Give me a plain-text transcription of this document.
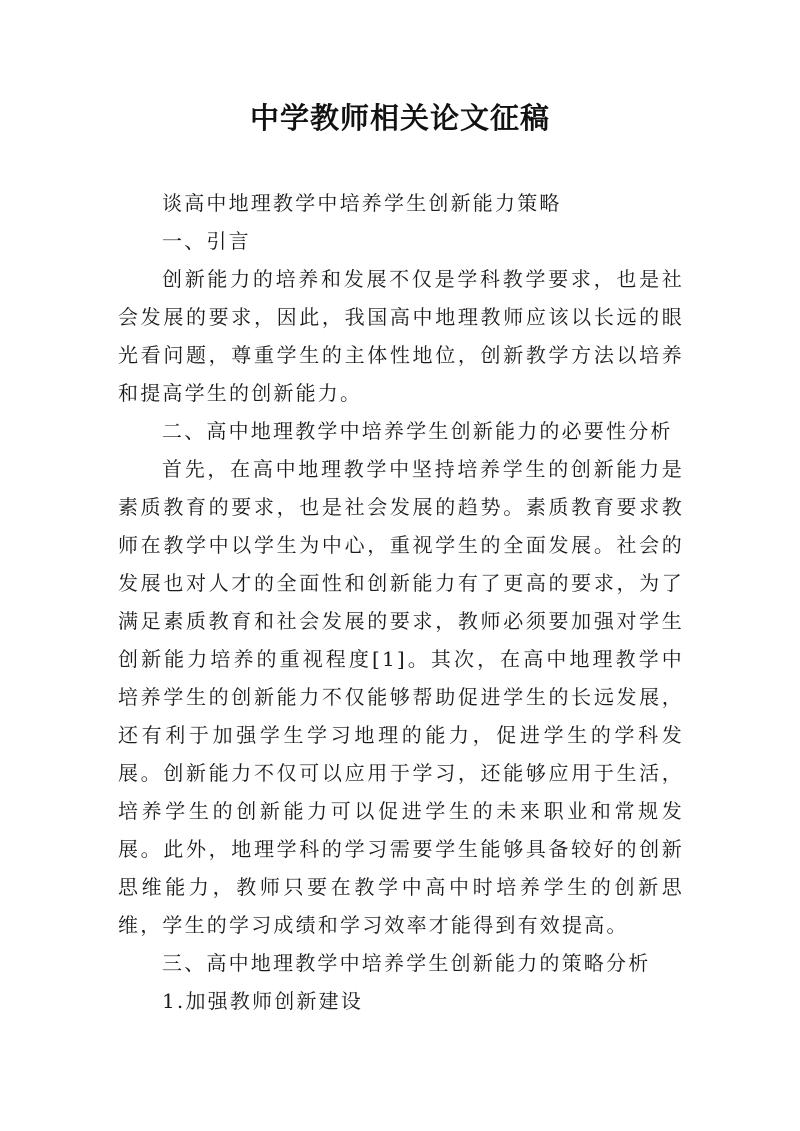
中学教师相关论文征稿

谈高中地理教学中培养学生创新能力策略

一、引言

创新能力的培养和发展不仅是学科教学要求，也是社会发展的要求，因此，我国高中地理教师应该以长远的眼光看问题，尊重学生的主体性地位，创新教学方法以培养和提高学生的创新能力。

二、高中地理教学中培养学生创新能力的必要性分析

首先，在高中地理教学中坚持培养学生的创新能力是素质教育的要求，也是社会发展的趋势。素质教育要求教师在教学中以学生为中心，重视学生的全面发展。社会的发展也对人才的全面性和创新能力有了更高的要求，为了满足素质教育和社会发展的要求，教师必须要加强对学生创新能力培养的重视程度[1]。其次，在高中地理教学中培养学生的创新能力不仅能够帮助促进学生的长远发展，还有利于加强学生学习地理的能力，促进学生的学科发展。创新能力不仅可以应用于学习，还能够应用于生活，培养学生的创新能力可以促进学生的未来职业和常规发展。此外，地理学科的学习需要学生能够具备较好的创新思维能力，教师只要在教学中高中时培养学生的创新思维，学生的学习成绩和学习效率才能得到有效提高。

三、高中地理教学中培养学生创新能力的策略分析

1.加强教师创新建设
